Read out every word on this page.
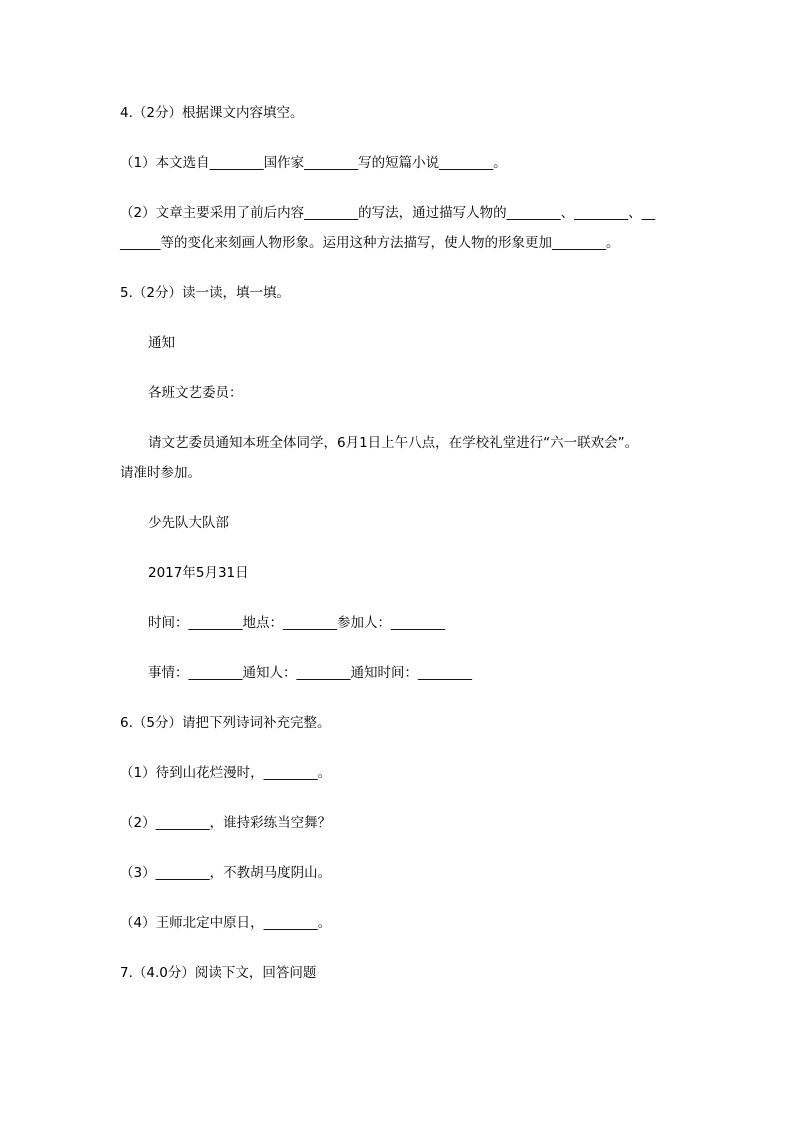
4.（2分）根据课文内容填空。
（1）本文选自________国作家________写的短篇小说________。
（2）文章主要采用了前后内容________的写法，通过描写人物的________、________、__
______等的变化来刻画人物形象。运用这种方法描写，使人物的形象更加________。
5.（2分）读一读，填一填。
通知
各班文艺委员：
请文艺委员通知本班全体同学，6月1日上午八点，在学校礼堂进行“六一联欢会”。
请准时参加。
少先队大队部
2017年5月31日
时间：________地点：________参加人：________
事情：________通知人：________通知时间：________
6.（5分）请把下列诗词补充完整。
（1）待到山花烂漫时，________。
（2）________，谁持彩练当空舞？
（3）________，不教胡马度阴山。
（4）王师北定中原日，________。
7.（4.0分）阅读下文，回答问题
